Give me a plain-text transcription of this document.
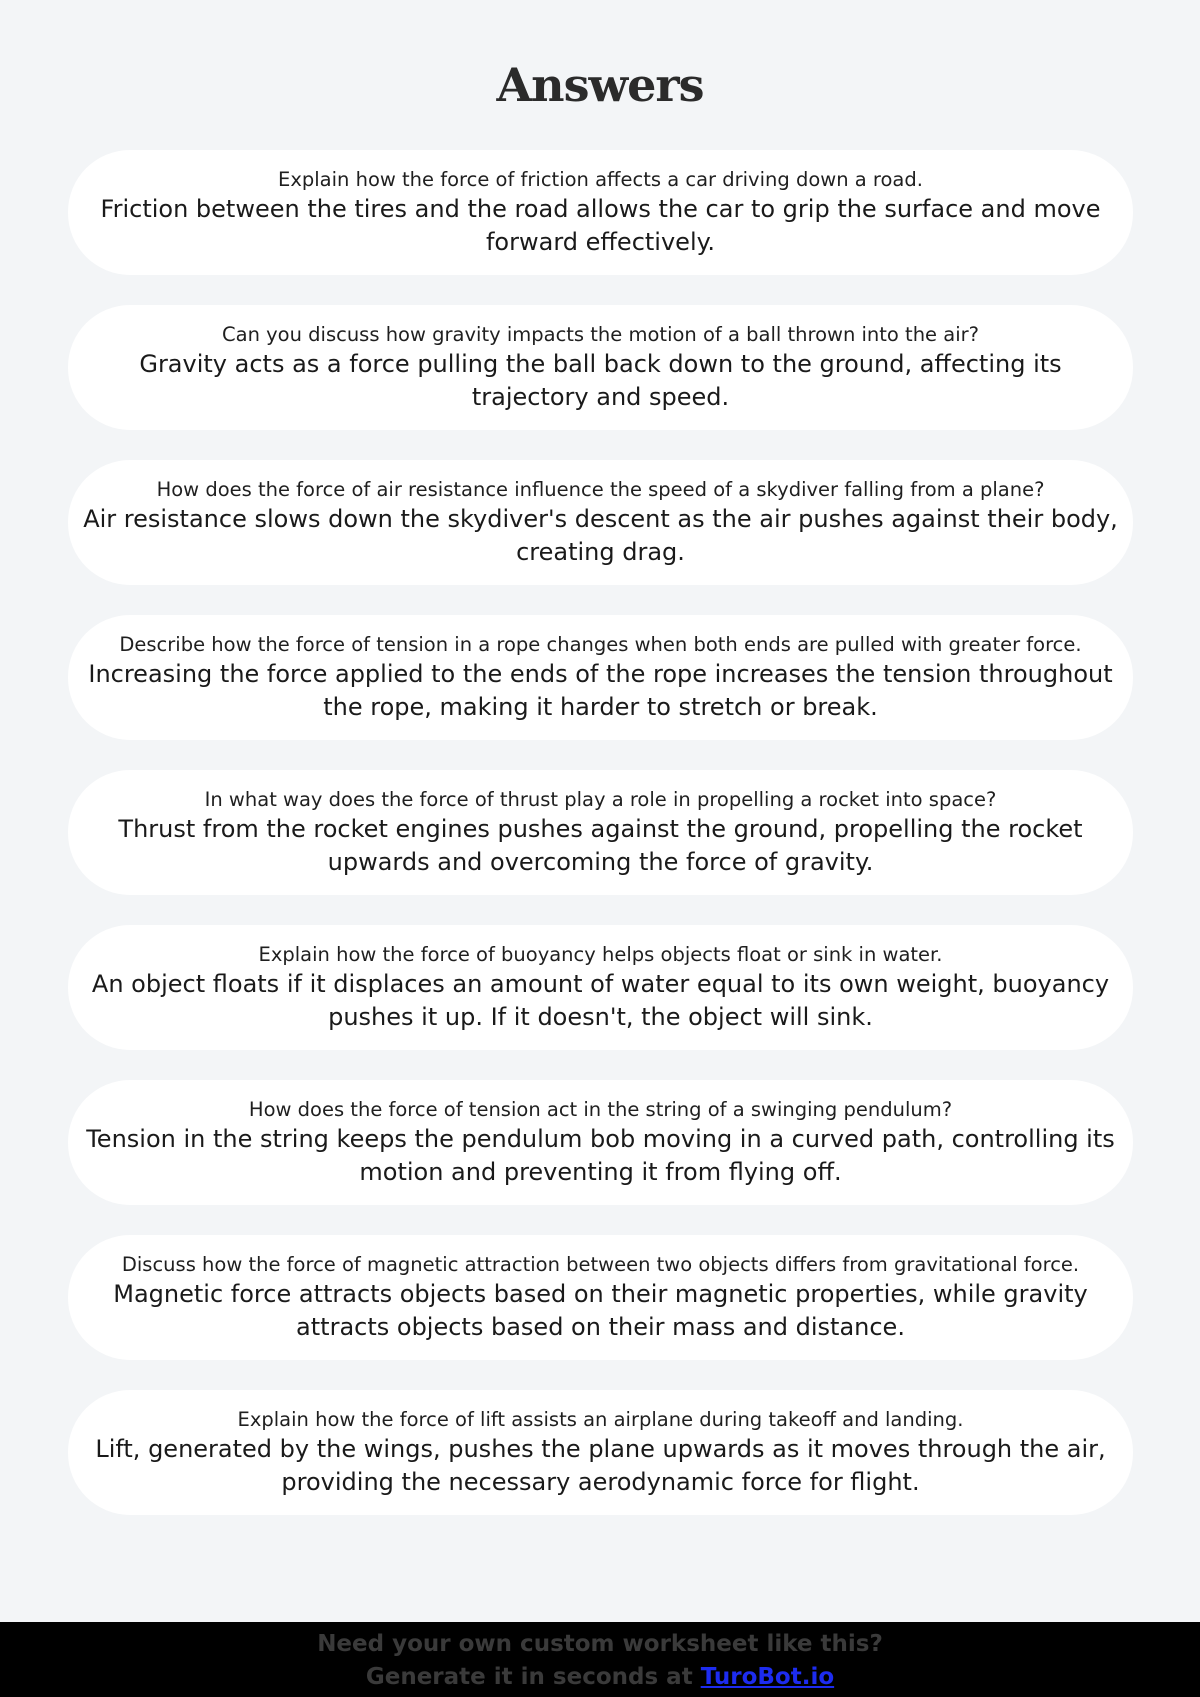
Answers
Explain how the force of friction affects a car driving down a road.
Friction between the tires and the road allows the car to grip the surface and move forward effectively.
Can you discuss how gravity impacts the motion of a ball thrown into the air?
Gravity acts as a force pulling the ball back down to the ground, affecting its trajectory and speed.
How does the force of air resistance influence the speed of a skydiver falling from a plane?
Air resistance slows down the skydiver's descent as the air pushes against their body, creating drag.
Describe how the force of tension in a rope changes when both ends are pulled with greater force.
Increasing the force applied to the ends of the rope increases the tension throughout the rope, making it harder to stretch or break.
In what way does the force of thrust play a role in propelling a rocket into space?
Thrust from the rocket engines pushes against the ground, propelling the rocket upwards and overcoming the force of gravity.
Explain how the force of buoyancy helps objects float or sink in water.
An object floats if it displaces an amount of water equal to its own weight, buoyancy pushes it up. If it doesn't, the object will sink.
How does the force of tension act in the string of a swinging pendulum?
Tension in the string keeps the pendulum bob moving in a curved path, controlling its motion and preventing it from flying off.
Discuss how the force of magnetic attraction between two objects differs from gravitational force.
Magnetic force attracts objects based on their magnetic properties, while gravity attracts objects based on their mass and distance.
Explain how the force of lift assists an airplane during takeoff and landing.
Lift, generated by the wings, pushes the plane upwards as it moves through the air, providing the necessary aerodynamic force for flight.
Need your own custom worksheet like this?
Generate it in seconds at TuroBot.io
